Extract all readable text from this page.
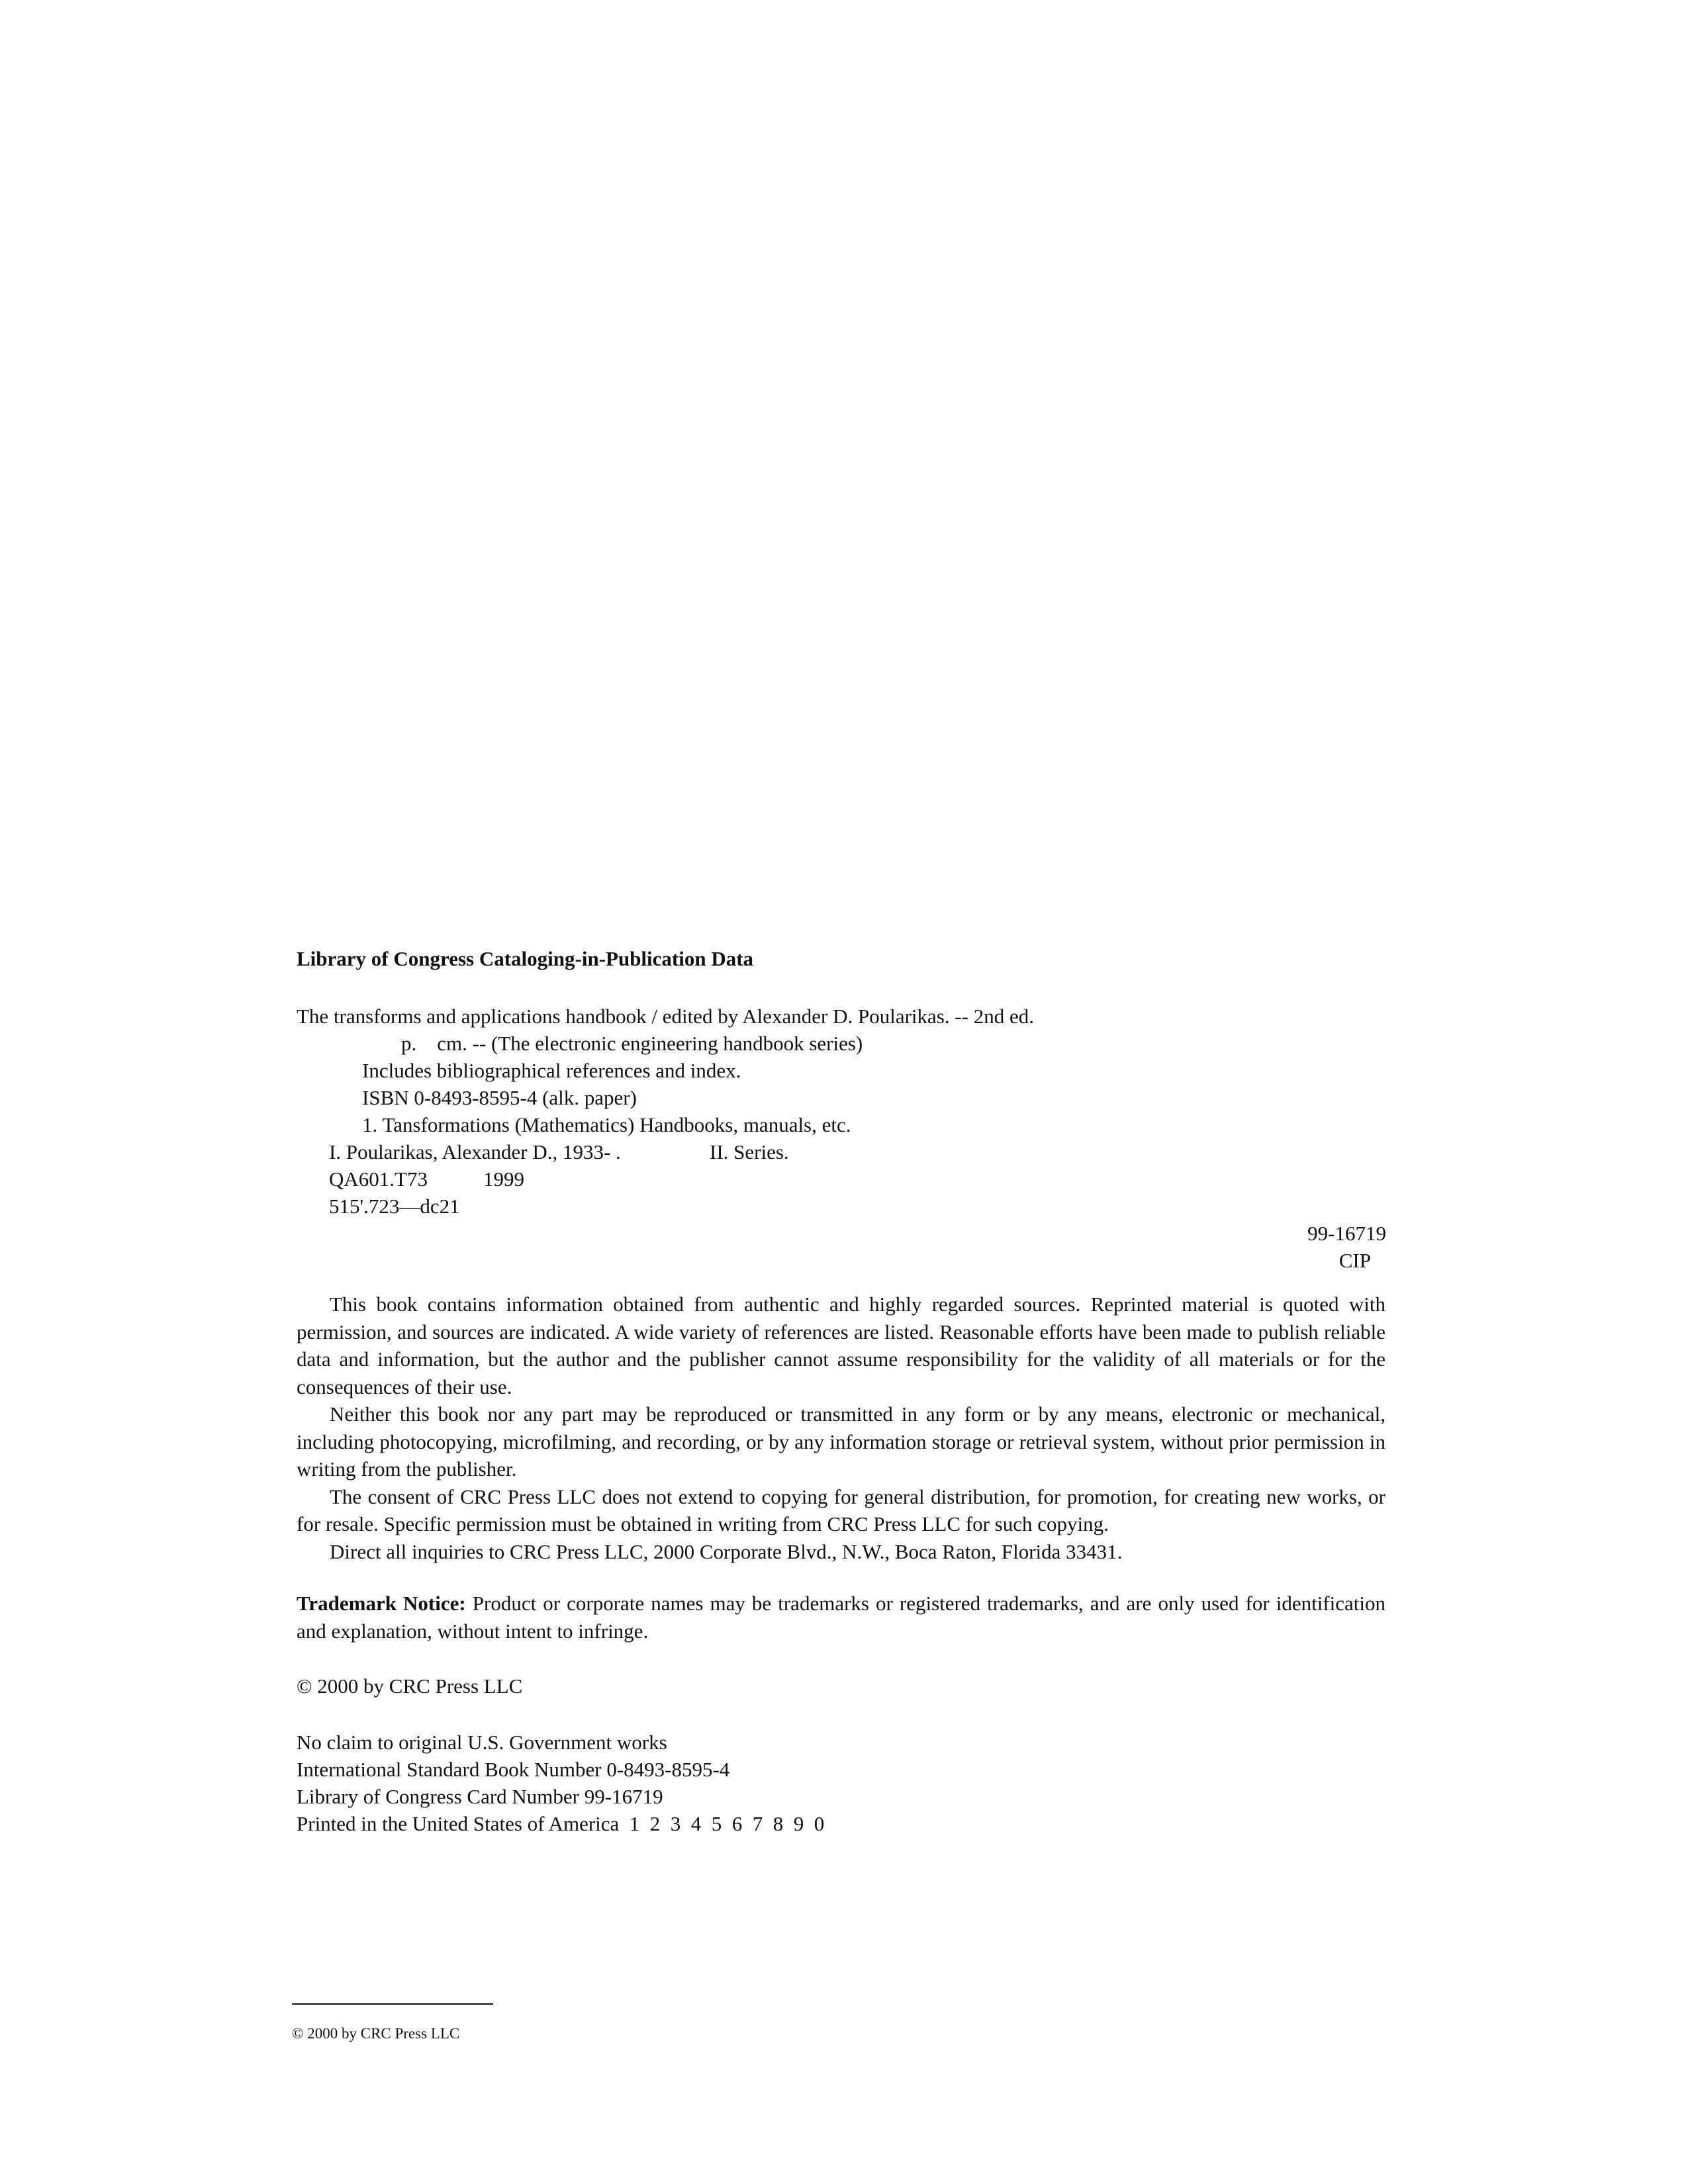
Library of Congress Cataloging-in-Publication Data
The transforms and applications handbook / edited by Alexander D. Poularikas. -- 2nd ed.
p.    cm. -- (The electronic engineering handbook series)
Includes bibliographical references and index.
ISBN 0-8493-8595-4 (alk. paper)
1. Tansformations (Mathematics) Handbooks, manuals, etc.
I. Poularikas, Alexander D., 1933- .	II. Series.
QA601.T73	1999
515'.723—dc21
99-16719
CIP

This book contains information obtained from authentic and highly regarded sources. Reprinted material is quoted with permission, and sources are indicated. A wide variety of references are listed. Reasonable efforts have been made to publish reliable data and information, but the author and the publisher cannot assume responsibility for the validity of all materials or for the consequences of their use.

Neither this book nor any part may be reproduced or transmitted in any form or by any means, electronic or mechanical, including photocopying, microfilming, and recording, or by any information storage or retrieval system, without prior permission in writing from the publisher.

The consent of CRC Press LLC does not extend to copying for general distribution, for promotion, for creating new works, or for resale. Specific permission must be obtained in writing from CRC Press LLC for such copying.

Direct all inquiries to CRC Press LLC, 2000 Corporate Blvd., N.W., Boca Raton, Florida 33431.

Trademark Notice: Product or corporate names may be trademarks or registered trademarks, and are only used for identification and explanation, without intent to infringe.
© 2000 by CRC Press LLC
No claim to original U.S. Government works
International Standard Book Number 0-8493-8595-4
Library of Congress Card Number 99-16719
Printed in the United States of America  1  2  3  4  5  6  7  8  9  0
© 2000 by CRC Press LLC
